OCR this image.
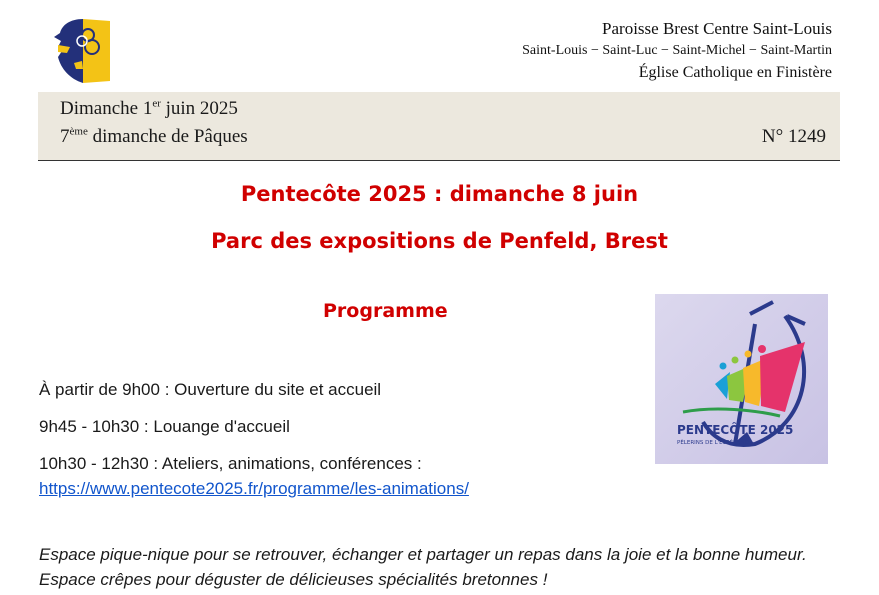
Paroisse Brest Centre Saint-Louis
Saint-Louis − Saint-Luc − Saint-Michel − Saint-Martin
Église Catholique en Finistère
Dimanche 1er juin 2025
7ème dimanche de Pâques	N° 1249
Pentecôte 2025 : dimanche 8 juin
Parc des expositions de Penfeld, Brest
Programme
PENTECÔTE 2025
PÈLERINS DE L'ESPÉRANCE
À partir de 9h00 : Ouverture du site et accueil
9h45 - 10h30 : Louange d'accueil
10h30 - 12h30 : Ateliers, animations, conférences :
https://www.pentecote2025.fr/programme/les-animations/
Espace pique-nique pour se retrouver, échanger et partager un repas dans la joie et la bonne humeur. Espace crêpes pour déguster de délicieuses spécialités bretonnes !
